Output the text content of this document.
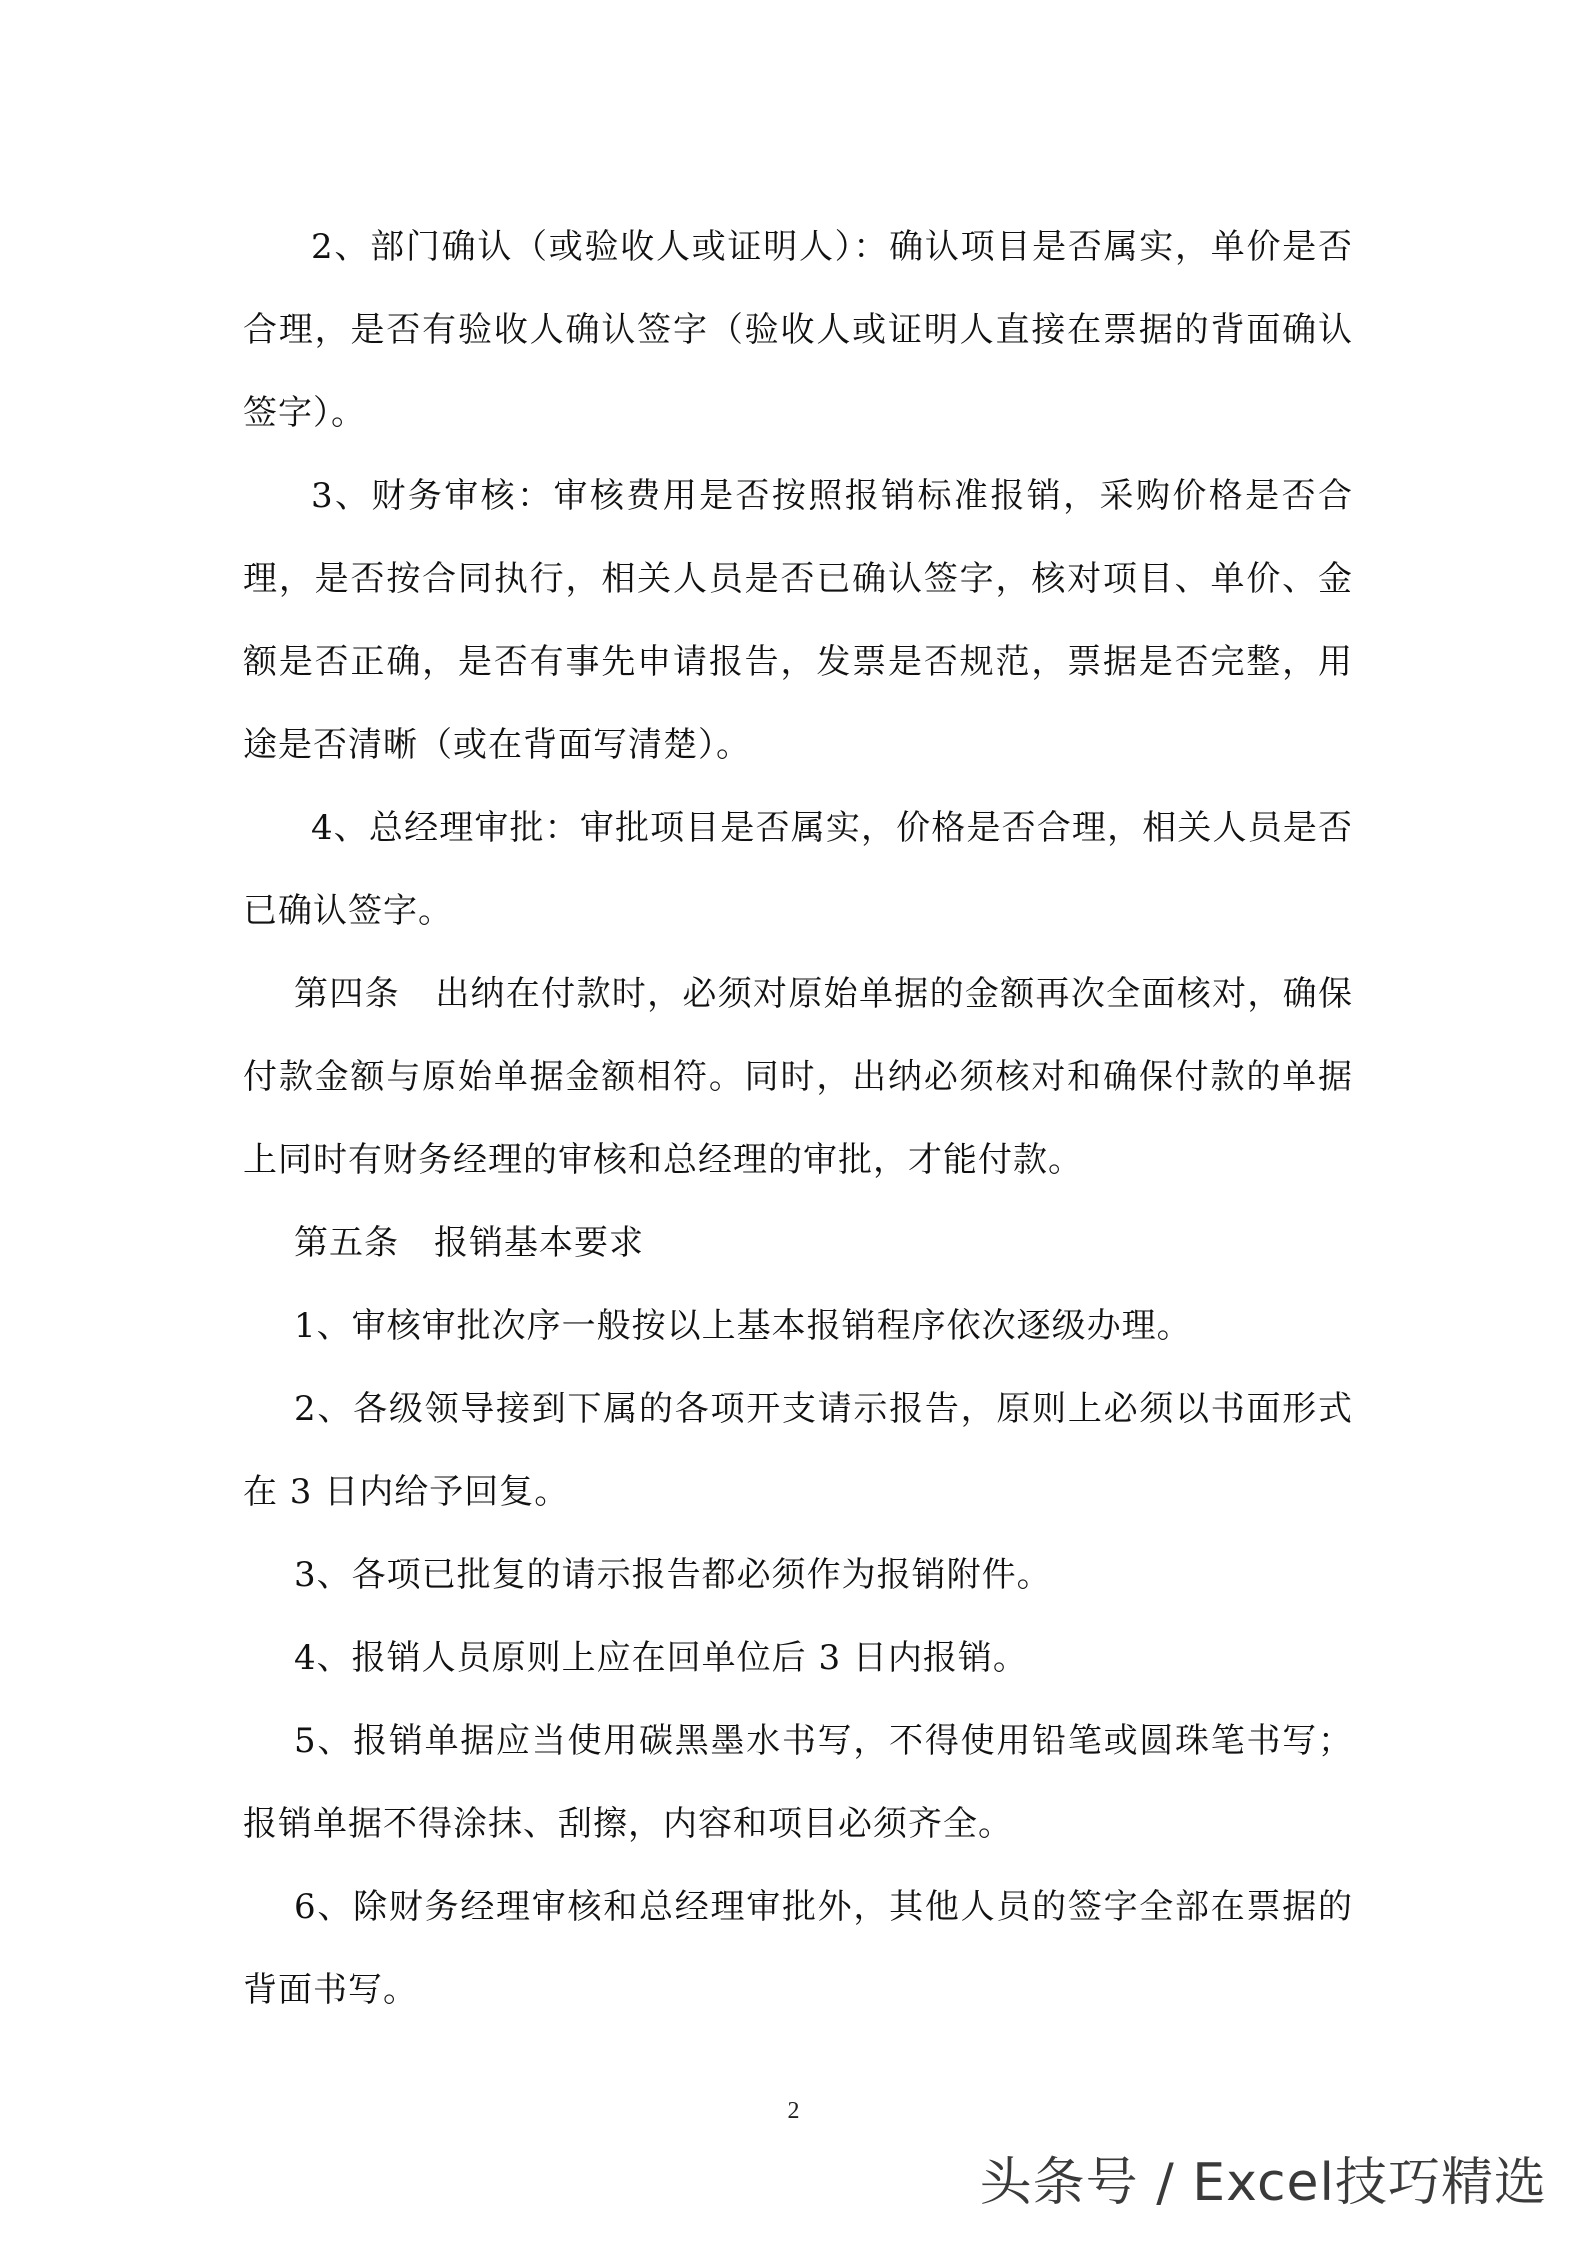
2、部门确认（或验收人或证明人）：确认项目是否属实，单价是否合理，是否有验收人确认签字（验收人或证明人直接在票据的背面确认签字）。

3、财务审核：审核费用是否按照报销标准报销，采购价格是否合理，是否按合同执行，相关人员是否已确认签字，核对项目、单价、金额是否正确，是否有事先申请报告，发票是否规范，票据是否完整，用途是否清晰（或在背面写清楚）。

4、总经理审批：审批项目是否属实，价格是否合理，相关人员是否已确认签字。

第四条　出纳在付款时，必须对原始单据的金额再次全面核对，确保付款金额与原始单据金额相符。同时，出纳必须核对和确保付款的单据上同时有财务经理的审核和总经理的审批，才能付款。

第五条　报销基本要求

1、审核审批次序一般按以上基本报销程序依次逐级办理。

2、各级领导接到下属的各项开支请示报告，原则上必须以书面形式在 3 日内给予回复。

3、各项已批复的请示报告都必须作为报销附件。

4、报销人员原则上应在回单位后 3 日内报销。

5、报销单据应当使用碳黑墨水书写，不得使用铅笔或圆珠笔书写；报销单据不得涂抹、刮擦，内容和项目必须齐全。

6、除财务经理审核和总经理审批外，其他人员的签字全部在票据的背面书写。

2
头条号 / Excel技巧精选
